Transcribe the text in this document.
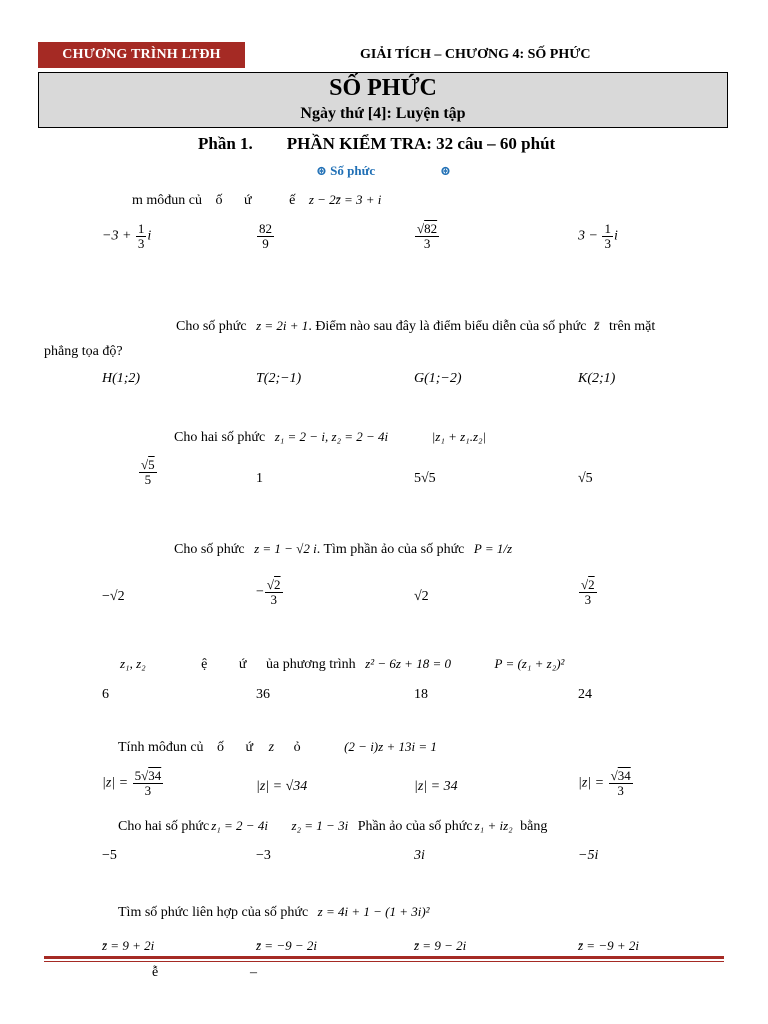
CHƯƠNG TRÌNH LTĐH	GIẢI TÍCH – CHƯƠNG 4: SỐ PHỨC
SỐ PHỨC
Ngày thứ [4]: Luyện tập
Phần 1. PHẦN KIỂM TRA: 32 câu – 60 phút
⊛ Số phức	⊛
m môđun củ ố ứ	ế z − 2z̄ = 3 + i
$-3 + \frac{1}{3}$ i	$\frac{82}{9}$	$\frac{√82}{3}$	$3 - \frac{1}{3}$ i
Cho số phức z = 2i + 1. Điểm nào sau đây là điểm biểu diễn của số phức z̄ trên mặt
phẳng tọa độ?
H(1;2)	T(2;−1)	G(1;−2)	K(2;1)
Cho hai số phức z₁ = 2 − i, z₂ = 2 − 4i	|z₁ + z₁.z₂|
$\frac{√5}{5}$	1	5√5	√5
Cho số phức z = 1 − √2 i. Tìm phần ảo của số phức P = 1/z
−√2	− $\frac{√2}{3}$	√2	$\frac{√2}{3}$
z₁, z₂	ệ ứ ủa phương trình z² − 6z + 18 = 0	P = (z₁ + z₂)²
6	36	18	24
Tính môđun củ ố ứ z ỏ	(2 − i)z + 13i = 1
$|z| = \frac{5√34}{3}$	|z| = √34	|z| = 34	$|z| = \frac{√34}{3}$
Cho hai số phức z₁ = 2 − 4i z₂ = 1 − 3i Phần ảo của số phức z₁ + iz₂ bằng
−5	−3	3i	−5i
Tìm số phức liên hợp của số phức z = 4i + 1 − (1 + 3i)²
z̄ = 9 + 2i	z̄ = −9 − 2i	z̄ = 9 − 2i	z̄ = −9 + 2i
ễ	–
